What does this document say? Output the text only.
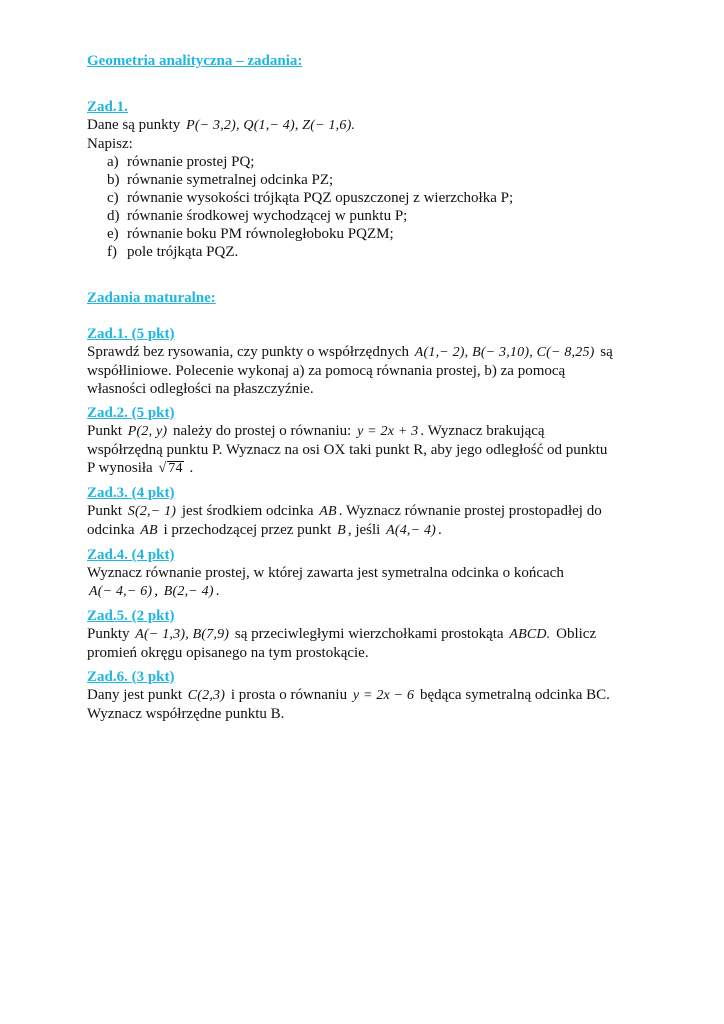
Geometria analityczna – zadania:
Zad.1.
Dane są punkty P(− 3,2), Q(1,− 4), Z(− 1,6).
Napisz:
a) równanie prostej PQ;
b) równanie symetralnej odcinka PZ;
c) równanie wysokości trójkąta PQZ opuszczonej z wierzchołka P;
d) równanie środkowej wychodzącej w punktu P;
e) równanie boku PM równoległoboku PQZM;
f) pole trójkąta PQZ.
Zadania maturalne:
Zad.1. (5 pkt)
Sprawdź bez rysowania, czy punkty o współrzędnych A(1,− 2), B(− 3,10), C(− 8,25) są
współliniowe. Polecenie wykonaj a) za pomocą równania prostej, b) za pomocą
własności odległości na płaszczyźnie.
Zad.2. (5 pkt)
Punkt P(2, y) należy do prostej o równaniu: y = 2x + 3 . Wyznacz brakującą
współrzędną punktu P. Wyznacz na osi OX taki punkt R, aby jego odległość od punktu
P wynosiła √ 74 .
Zad.3. (4 pkt)
Punkt S(2,− 1) jest środkiem odcinka AB . Wyznacz równanie prostej prostopadłej do
odcinka AB i przechodzącej przez punkt B , jeśli A(4,− 4) .
Zad.4. (4 pkt)
Wyznacz równanie prostej, w której zawarta jest symetralna odcinka o końcach
A(− 4,− 6) , B(2,− 4) .
Zad.5. (2 pkt)
Punkty A(− 1,3), B(7,9) są przeciwległymi wierzchołkami prostokąta ABCD. Oblicz
promień okręgu opisanego na tym prostokącie.
Zad.6. (3 pkt)
Dany jest punkt C(2,3) i prosta o równaniu y = 2x − 6 będąca symetralną odcinka BC.
Wyznacz współrzędne punktu B.
